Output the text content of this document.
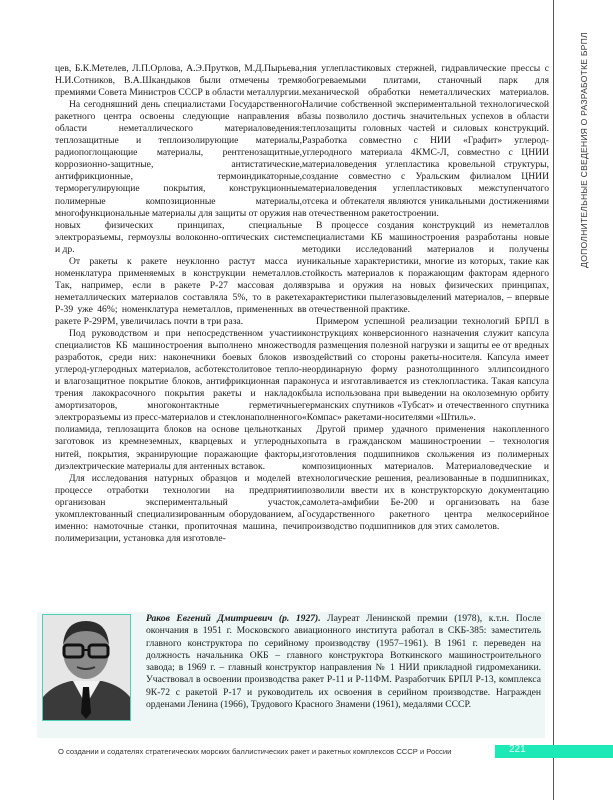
ДОПОЛНИТЕЛЬНЫЕ СВЕДЕНИЯ О РАЗРАБОТКЕ БРПЛ

цев, Б.К.Метелев, Л.П.Орлова, А.Э.Прутков, М.Д.Пырьева, Н.И.Сотников, В.А.Шкандыков были отмечены тремя премиями Совета Министров СССР в области металлургии.

На сегодняшний день специалистами Государственного ракетного центра освоены следующие направления в области неметаллического материаловедения: теплозащитные и теплоизолирующие материалы, радиопоглощающие материалы, рентгенозащитные, коррозионно-защитные, антистатические, антифрикционные, термоиндикаторные, терморегулирующие покрытия, конструкционные полимерные композиционные материалы, многофункциональные материалы для защиты от оружия на новых физических принципах, специальные электроразъемы, гермоузлы волоконно-оптических систем и др.

От ракеты к ракете неуклонно растут масса и номенклатура применяемых в конструкции неметаллов. Так, например, если в ракете Р-27 массовая доля неметаллических материалов составляла 5%, то в ракете Р-39 уже 46%; номенклатура неметаллов, примененных в ракете Р-29РМ, увеличилась почти в три раза.

Под руководством и при непосредственном участии специалистов КБ машиностроения выполнено множество разработок, среди них: наконечники боевых блоков из углерод-углеродных материалов, асботекстолитовое тепло- и влагозащитное покрытие блоков, антифрикционная пара трения лакокрасочного покрытия ракеты и накладок амортизаторов, многоконтактные герметичные электроразъемы из пресс-материалов и стеклонаполненного полиамида, теплозащита блоков на основе цельнотканых заготовок из кремнеземных, кварцевых и углеродных нитей, покрытия, экранирующие поражающие факторы, диэлектрические материалы для антенных вставок.

Для исследования натурных образцов и моделей в процессе отработки технологии на предприятии организован экспериментальный участок, укомплектованный специализированным оборудованием, а именно: намоточные станки, пропиточная машина, печи полимеризации, установка для изготовле-

ния углепластиковых стержней, гидравлические прессы с обогреваемыми плитами, станочный парк для механической обработки неметаллических материалов. Наличие собственной экспериментальной технологической базы позволило достичь значительных успехов в области теплозащиты головных частей и силовых конструкций. Разработка совместно с НИИ «Графит» углерод-углеродного материала 4КМС-Л, совместно с ЦНИИ материаловедения углепластика кровельной структуры, создание совместно с Уральским филиалом ЦНИИ материаловедения углепластиковых межступенчатого отсека и обтекателя являются уникальными достижениями в отечественном ракетостроении.

В процессе создания конструкций из неметаллов специалистами КБ машиностроения разработаны новые методики исследований материалов и получены уникальные характеристики, многие из которых, такие как стойкость материалов к поражающим факторам ядерного взрыва и оружия на новых физических принципах, характеристики пылегазовыделений материалов, – впервые в отечественной практике.

Примером успешной реализации технологий БРПЛ в конструкциях конверсионного назначения служит капсула для размещения полезной нагрузки и защиты ее от вредных воздействий со стороны ракеты-носителя. Капсула имеет неординарную форму разнотолщинного эллипсоидного конуса и изготавливается из стеклопластика. Такая капсула была использована при выведении на околоземную орбиту германских спутников «Тубсат» и отечественного спутника «Компас» ракетами-носителями «Штиль».

Другой пример удачного применения накопленного опыта в гражданском машиностроении – технология изготовления подшипников скольжения из полимерных композиционных материалов. Материаловедческие и технологические решения, реализованные в подшипниках, позволили ввести их в конструкторскую документацию самолета-амфибии Бе-200 и организовать на базе Государственного ракетного центра мелкосерийное производство подшипников для этих самолетов.

Раков Евгений Дмитриевич (р. 1927). Лауреат Ленинской премии (1978), к.т.н. После окончания в 1951 г. Московского авиационного института работал в СКБ-385: заместитель главного конструктора по серийному производству (1957–1961). В 1961 г. переведен на должность начальника ОКБ – главного конструктора Воткинского машиностроительного завода; в 1969 г. – главный конструктор направления № 1 НИИ прикладной гидромеханики. Участвовал в освоении производства ракет Р-11 и Р-11ФМ. Разработчик БРПЛ Р-13, комплекса 9К-72 с ракетой Р-17 и руководитель их освоения в серийном производстве. Награжден орденами Ленина (1966), Трудового Красного Знамени (1961), медалями СССР.
О создании и содателях стратегических морских баллистических ракет и ракетных комплексов СССР и России	221
